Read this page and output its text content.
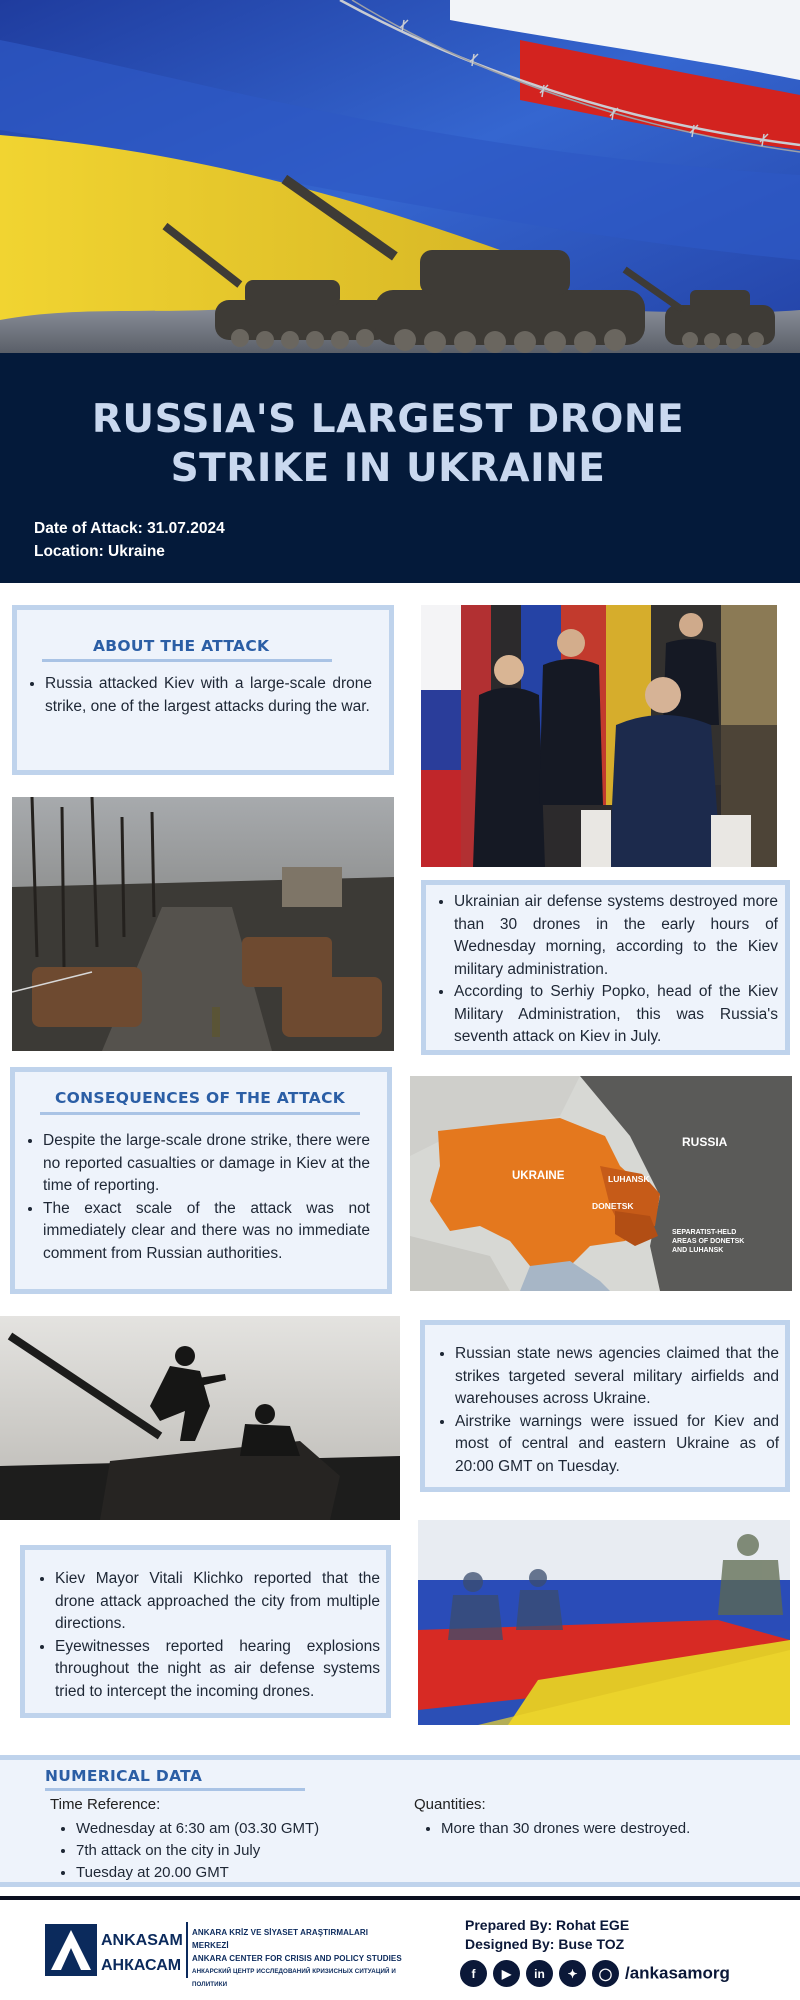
RUSSIA'S LARGEST DRONE STRIKE IN UKRAINE
Date of Attack: 31.07.2024
Location: Ukraine
ABOUT THE ATTACK
• Russia attacked Kiev with a large-scale drone strike, one of the largest attacks during the war.
• Ukrainian air defense systems destroyed more than 30 drones in the early hours of Wednesday morning, according to the Kiev military administration.
• According to Serhiy Popko, head of the Kiev Military Administration, this was Russia's seventh attack on Kiev in July.
CONSEQUENCES OF THE ATTACK
• Despite the large-scale drone strike, there were no reported casualties or damage in Kiev at the time of reporting.
• The exact scale of the attack was not immediately clear and there was no immediate comment from Russian authorities.
UKRAINE
RUSSIA
LUHANSK
DONETSK
SEPARATIST-HELD
AREAS OF DONETSK
AND LUHANSK
• Russian state news agencies claimed that the strikes targeted several military airfields and warehouses across Ukraine.
• Airstrike warnings were issued for Kiev and most of central and eastern Ukraine as of 20:00 GMT on Tuesday.
• Kiev Mayor Vitali Klichko reported that the drone attack approached the city from multiple directions.
• Eyewitnesses reported hearing explosions throughout the night as air defense systems tried to intercept the incoming drones.
NUMERICAL DATA
Time Reference:
• Wednesday at 6:30 am (03.30 GMT)
• 7th attack on the city in July
• Tuesday at 20.00 GMT
Quantities:
• More than 30 drones were destroyed.
ANKASAM
АНКАСАМ
ANKARA KRİZ VE SİYASET ARAŞTIRMALARI MERKEZİ
ANKARA CENTER FOR CRISIS AND POLICY STUDIES
АНКАРСКИЙ ЦЕНТР ИССЛЕДОВАНИЙ КРИЗИСНЫХ СИТУАЦИЙ И ПОЛИТИКИ
Prepared By: Rohat EGE
Designed By: Buse TOZ
f ▶ in ✦ ◯ /ankasamorg
